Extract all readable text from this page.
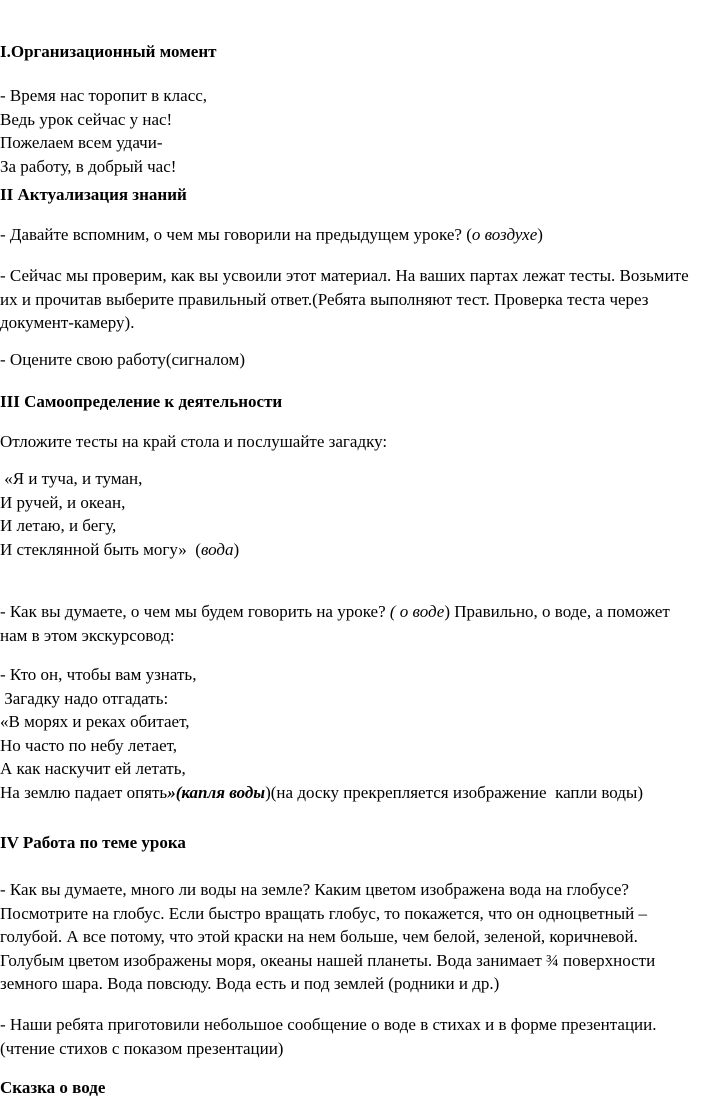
I.Организационный момент
- Время нас торопит в класс,
Ведь урок сейчас у нас!
Пожелаем всем удачи-
За работу, в добрый час!
II Актуализация знаний
- Давайте вспомним, о чем мы говорили на предыдущем уроке? (о воздухе)
- Сейчас мы проверим, как вы усвоили этот материал. На ваших партах лежат тесты. Возьмите их и прочитав выберите правильный ответ.(Ребята выполняют тест. Проверка теста через документ-камеру).
- Оцените свою работу(сигналом)
III Самоопределение к деятельности
Отложите тесты на край стола и послушайте загадку:
«Я и туча, и туман,
И ручей, и океан,
И летаю, и бегу,
И стеклянной быть могу»  (вода)
- Как вы думаете, о чем мы будем говорить на уроке? ( о воде) Правильно, о воде, а поможет нам в этом экскурсовод:
- Кто он, чтобы вам узнать,
Загадку надо отгадать:
«В морях и реках обитает,
Но часто по небу летает,
А как наскучит ей летать,
На землю падает опять»(капля воды)(на доску прекрепляется изображение  капли воды)
IV Работа по теме урока
- Как вы думаете, много ли воды на земле? Каким цветом изображена вода на глобусе? Посмотрите на глобус. Если быстро вращать глобус, то покажется, что он одноцветный – голубой. А все потому, что этой краски на нем больше, чем белой, зеленой, коричневой. Голубым цветом изображены моря, океаны нашей планеты. Вода занимает ¾ поверхности земного шара. Вода повсюду. Вода есть и под землей (родники и др.)
- Наши ребята приготовили небольшое сообщение о воде в стихах и в форме презентации.(чтение стихов с показом презентации)
Сказка о воде
